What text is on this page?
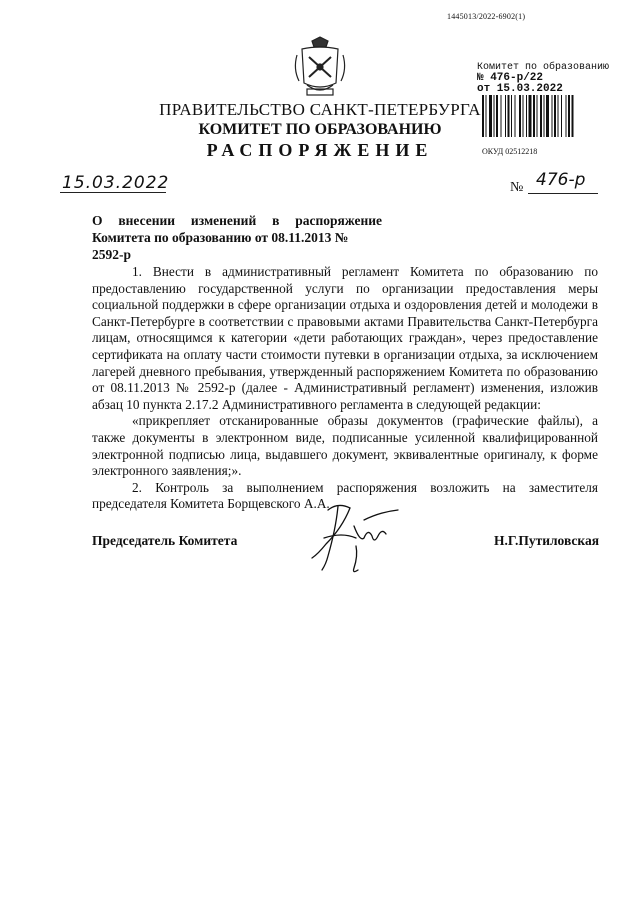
1445013/2022-6902(1)
ПРАВИТЕЛЬСТВО САНКТ-ПЕТЕРБУРГА
КОМИТЕТ ПО ОБРАЗОВАНИЮ
РАСПОРЯЖЕНИЕ
Комитет по образованию
№ 476-р/22
от 15.03.2022
ОКУД 02512218
15.03.2022	№ 476-р
О внесении изменений в распоряжение
Комитета по образованию от 08.11.2013 № 2592-р

1. Внести в административный регламент Комитета по образованию по предоставлению государственной услуги по организации предоставления меры социальной поддержки в сфере организации отдыха и оздоровления детей и молодежи в Санкт-Петербурге в соответствии с правовыми актами Правительства Санкт-Петербурга лицам, относящимся к категории «дети работающих граждан», через предоставление сертификата на оплату части стоимости путевки в организации отдыха, за исключением лагерей дневного пребывания, утвержденный распоряжением Комитета по образованию от 08.11.2013 № 2592-р (далее - Административный регламент) изменения, изложив абзац 10 пункта 2.17.2 Административного регламента в следующей редакции:

«прикрепляет отсканированные образы документов (графические файлы), а также документы в электронном виде, подписанные усиленной квалифицированной электронной подписью лица, выдавшего документ, эквивалентные оригиналу, к форме электронного заявления;».

2. Контроль за выполнением распоряжения возложить на заместителя председателя Комитета Борщевского А.А.

Председатель Комитета	Н.Г.Путиловская
